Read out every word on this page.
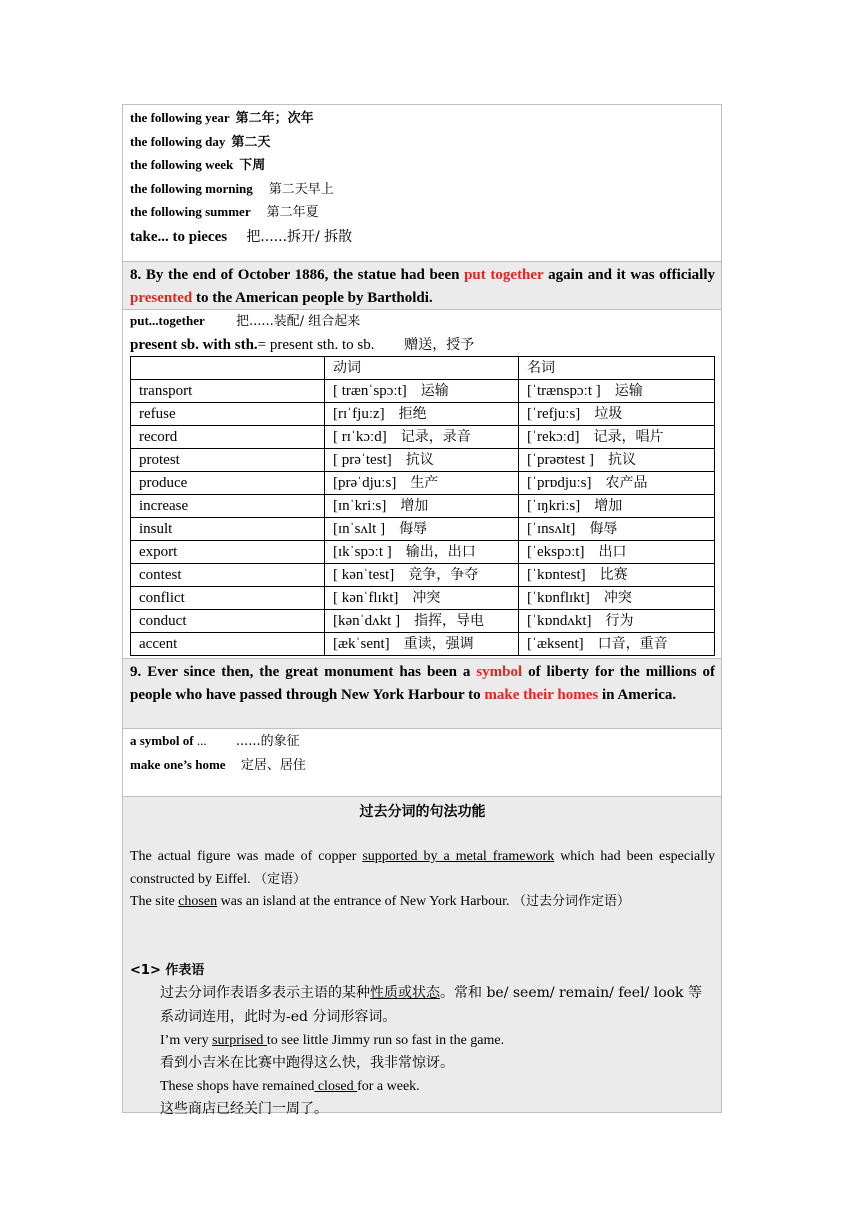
the following year 第二年；次年
the following day 第二天
the following week 下周
the following morning 第二天早上
the following summer 第二年夏
take... to pieces 把......拆开/ 拆散
8. By the end of October 1886, the statue had been put together again and it was officially presented to the American people by Bartholdi.
put...together 把......装配/ 组合起来
present sb. with sth.= present sth. to sb. 赠送，授予
	动词	名词
transport	[ trænˈspɔːt] 运输	[ˈtrænspɔːt ] 运输
refuse	[rɪˈfjuːz] 拒绝	[ˈrefjuːs] 垃圾
record	[ rɪˈkɔːd] 记录，录音	[ˈrekɔːd] 记录，唱片
protest	[ prəˈtest] 抗议	[ˈprəʊtest ] 抗议
produce	[prəˈdjuːs] 生产	[ˈprɒdjuːs] 农产品
increase	[ɪnˈkriːs] 增加	[ˈɪŋkriːs] 增加
insult	[ɪnˈsʌlt ] 侮辱	[ˈɪnsʌlt] 侮辱
export	[ɪkˈspɔːt ] 输出，出口	[ˈekspɔːt] 出口
contest	[ kənˈtest] 竞争，争夺	[ˈkɒntest] 比赛
conflict	[ kənˈflɪkt] 冲突	[ˈkɒnflɪkt] 冲突
conduct	[kənˈdʌkt ] 指挥，导电	[ˈkɒndʌkt] 行为
accent	[ækˈsent] 重读，强调	[ˈæksent] 口音，重音
9. Ever since then, the great monument has been a symbol of liberty for the millions of people who have passed through New York Harbour to make their homes in America.
a symbol of ... ......的象征
make one’s home 定居、居住
过去分词的句法功能
The actual figure was made of copper supported by a metal framework which had been especially constructed by Eiffel. （定语）
The site chosen was an island at the entrance of New York Harbour. （过去分词作定语）
<1> 作表语
过去分词作表语多表示主语的某种性质或状态。常和 be/ seem/ remain/ feel/ look 等系动词连用，此时为-ed 分词形容词。
I’m very surprised to see little Jimmy run so fast in the game.
看到小吉米在比赛中跑得这么快，我非常惊讶。
These shops have remained closed for a week.
这些商店已经关门一周了。
